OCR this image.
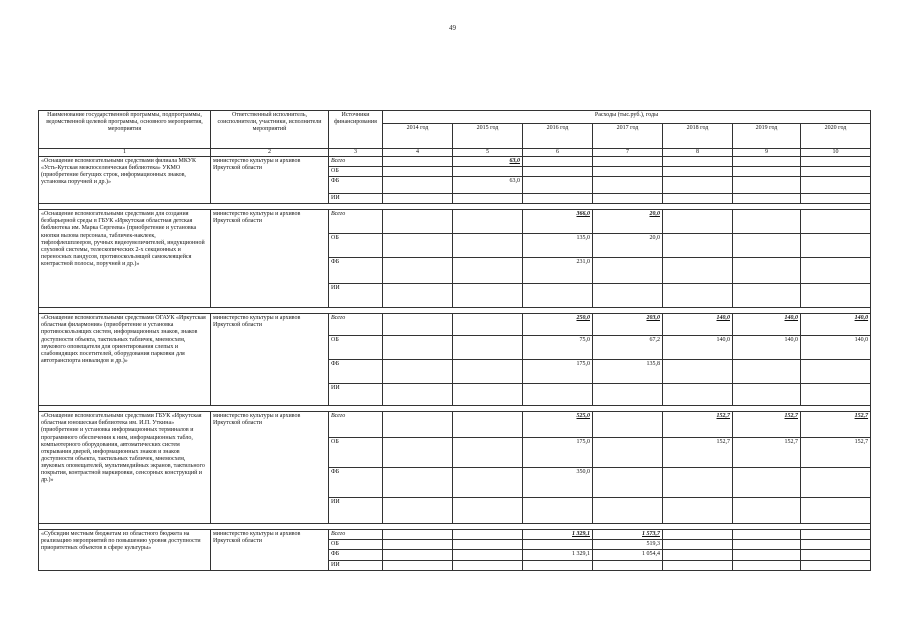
49
Наименование государственной программы, подпрограммы, ведомственной целевой программы, основного мероприятия, мероприятия	Ответственный исполнитель, соисполнители, участники, исполнители мероприятий	Источники финансирования	Расходы (тыс.руб.), годы						
			2014 год	2015 год	2016 год	2017 год	2018 год	2019 год	2020 год
1	2	3	4	5	6	7	8	9	10
«Оснащение вспомогательными средствами филиала МКУК «Усть-Кутская межпоселенческая библиотека» УКМО (приобретение бегущих строк, информационных знаков, установка поручней и др.)»	министерство культуры и архивов Иркутской области	Всего		63,0					
		ОБ							
		ФБ		63,0					
		ИИ							

«Оснащение вспомогательными средствами для создания безбарьерной среды в ГБУК «Иркутская областная детская библиотека им. Марка Сергеева» (приобретение и установка кнопки вызова персонала, табличек-наклеек, тифлофлешплееров, ручных видеоувеличителей, индукционной слуховой системы, телескопических 2-х секционных и переносных пандусов, противоскользящей самоклеящейся контрастной полосы, поручней и др.)»	министерство культуры и архивов Иркутской области	Всего			366,0	20,0			
		ОБ			135,0	20,0			
		ФБ			231,0				
		ИИ							

«Оснащение вспомогательными средствами ОГАУК «Иркутская областная филармония» (приобретение и установка противоскользящих систем, информационных знаков, знаков доступности объекта, тактильных табличек, мнемосхем, звукового оповещателя для ориентирования слепых и слабовидящих посетителей, оборудования парковки для автотранспорта инвалидов и др.)»	министерство культуры и архивов Иркутской области	Всего			250,0	203,0	140,0	140,0	140,0
		ОБ			75,0	67,2	140,0	140,0	140,0
		ФБ			175,0	135,8			
		ИИ							

«Оснащение вспомогательными средствами ГБУК «Иркутская областная юношеская библиотека им. И.П. Уткина» (приобретение и установка информационных терминалов и программного обеспечения к ним, информационных табло, компьютерного оборудования, автоматических систем открывания дверей, информационных знаков и знаков доступности объекта, тактильных табличек, мнемосхем, звуковых оповещателей, мультимедийных экранов, тактильного покрытия, контрастной маркировки, сенсорных конструкций и др.)»	министерство культуры и архивов Иркутской области	Всего			525,0		152,7	152,7	152,7
		ОБ			175,0		152,7	152,7	152,7
		ФБ			350,0				
		ИИ							

«Субсидии местным бюджетам из областного бюджета на реализацию мероприятий по повышению уровня доступности приоритетных объектов в сфере культуры»	министерство культуры и архивов Иркутской области	Всего			1 329,1	1 573,7			
		ОБ				519,3			
		ФБ			1 329,1	1 054,4			
		ИИ							
